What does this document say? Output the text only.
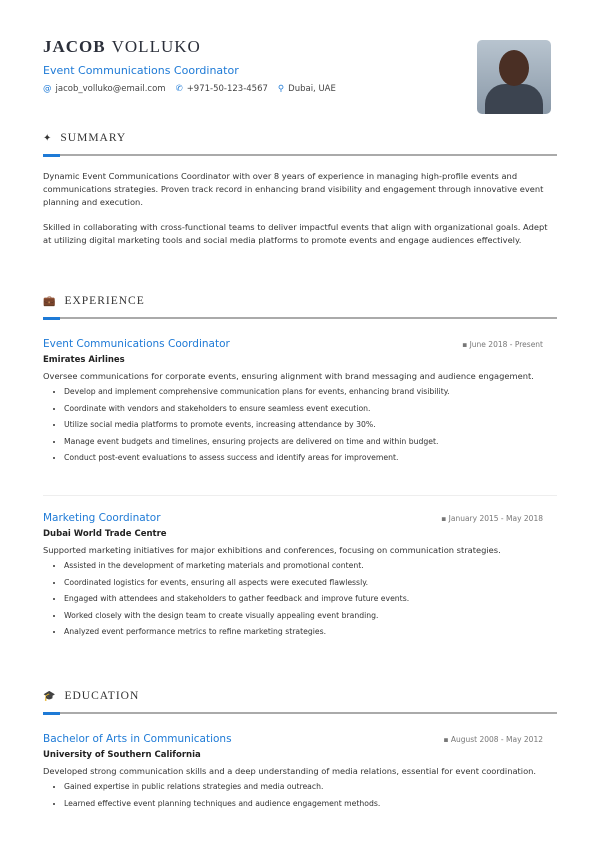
JACOB VOLLUKO
Event Communications Coordinator
@ jacob_volluko@email.com ✆ +971-50-123-4567 ⚲ Dubai, UAE
✦ SUMMARY

Dynamic Event Communications Coordinator with over 8 years of experience in managing high-profile events and communications strategies. Proven track record in enhancing brand visibility and engagement through innovative event planning and execution.

Skilled in collaborating with cross-functional teams to deliver impactful events that align with organizational goals. Adept at utilizing digital marketing tools and social media platforms to promote events and engage audiences effectively.

💼 EXPERIENCE
Event Communications Coordinator	▪ June 2018 - Present
Emirates Airlines
Oversee communications for corporate events, ensuring alignment with brand messaging and audience engagement.
• Develop and implement comprehensive communication plans for events, enhancing brand visibility.
• Coordinate with vendors and stakeholders to ensure seamless event execution.
• Utilize social media platforms to promote events, increasing attendance by 30%.
• Manage event budgets and timelines, ensuring projects are delivered on time and within budget.
• Conduct post-event evaluations to assess success and identify areas for improvement.
Marketing Coordinator	▪ January 2015 - May 2018
Dubai World Trade Centre
Supported marketing initiatives for major exhibitions and conferences, focusing on communication strategies.
• Assisted in the development of marketing materials and promotional content.
• Coordinated logistics for events, ensuring all aspects were executed flawlessly.
• Engaged with attendees and stakeholders to gather feedback and improve future events.
• Worked closely with the design team to create visually appealing event branding.
• Analyzed event performance metrics to refine marketing strategies.
🎓 EDUCATION
Bachelor of Arts in Communications	▪ August 2008 - May 2012
University of Southern California
Developed strong communication skills and a deep understanding of media relations, essential for event coordination.
• Gained expertise in public relations strategies and media outreach.
• Learned effective event planning techniques and audience engagement methods.
